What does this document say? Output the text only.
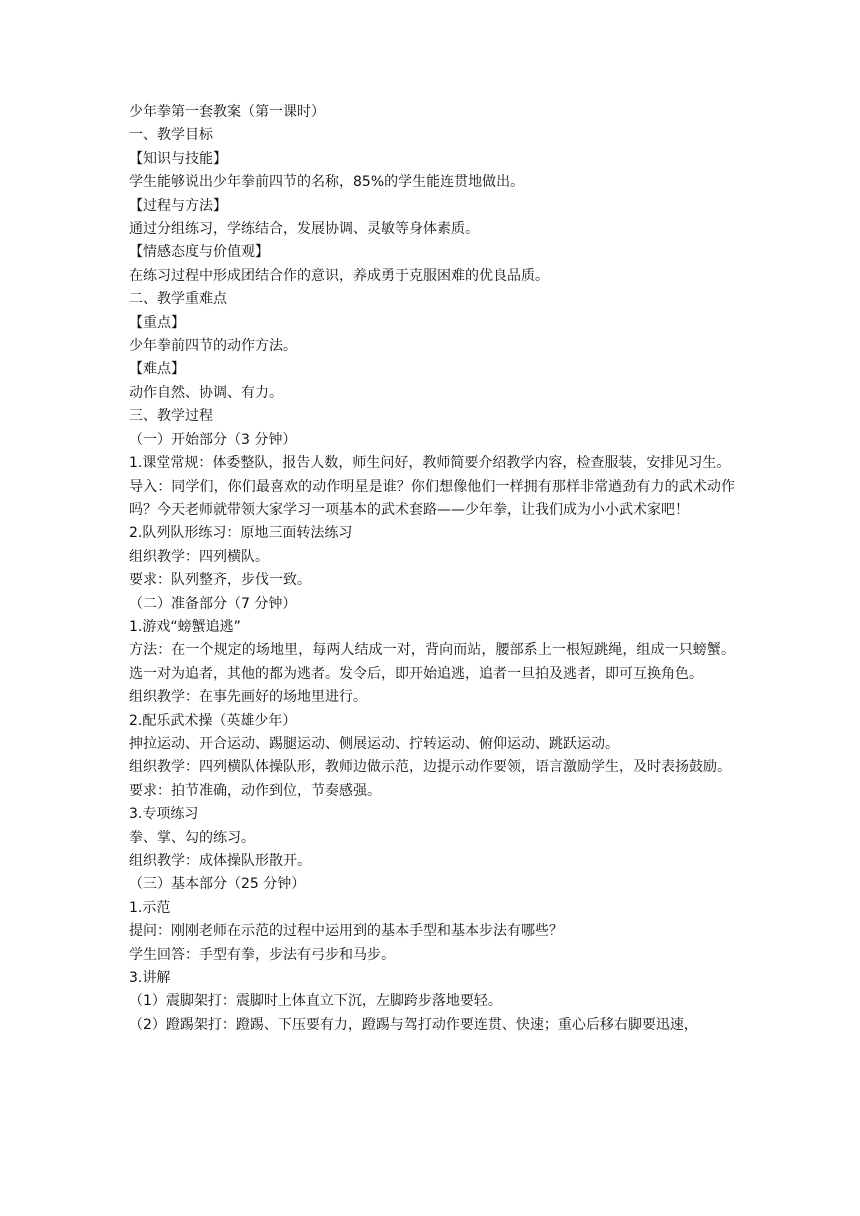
少年拳第一套教案（第一课时）

一、教学目标

【知识与技能】

学生能够说出少年拳前四节的名称，85%的学生能连贯地做出。

【过程与方法】

通过分组练习，学练结合，发展协调、灵敏等身体素质。

【情感态度与价值观】

在练习过程中形成团结合作的意识，养成勇于克服困难的优良品质。

二、教学重难点

【重点】

少年拳前四节的动作方法。

【难点】

动作自然、协调、有力。

三、教学过程

（一）开始部分（3 分钟）

1.课堂常规：体委整队，报告人数，师生问好，教师简要介绍教学内容，检查服装，安排见习生。

导入：同学们，你们最喜欢的动作明星是谁？你们想像他们一样拥有那样非常遒劲有力的武术动作吗？今天老师就带领大家学习一项基本的武术套路——少年拳，让我们成为小小武术家吧！

2.队列队形练习：原地三面转法练习

组织教学：四列横队。

要求：队列整齐，步伐一致。

（二）准备部分（7 分钟）

1.游戏“螃蟹追逃”

方法：在一个规定的场地里，每两人结成一对，背向而站，腰部系上一根短跳绳，组成一只螃蟹。选一对为追者，其他的都为逃者。发令后，即开始追逃，追者一旦拍及逃者，即可互换角色。

组织教学：在事先画好的场地里进行。

2.配乐武术操（英雄少年）

抻拉运动、开合运动、踢腿运动、侧展运动、拧转运动、俯仰运动、跳跃运动。

组织教学：四列横队体操队形，教师边做示范，边提示动作要领，语言激励学生，及时表扬鼓励。

要求：拍节准确，动作到位，节奏感强。

3.专项练习

拳、掌、勾的练习。

组织教学：成体操队形散开。

（三）基本部分（25 分钟）

1.示范

提问：刚刚老师在示范的过程中运用到的基本手型和基本步法有哪些？

学生回答：手型有拳，步法有弓步和马步。

3.讲解

（1）震脚架打：震脚时上体直立下沉，左脚跨步落地要轻。

（2）蹬踢架打：蹬踢、下压要有力，蹬踢与驾打动作要连贯、快速；重心后移右脚要迅速，
